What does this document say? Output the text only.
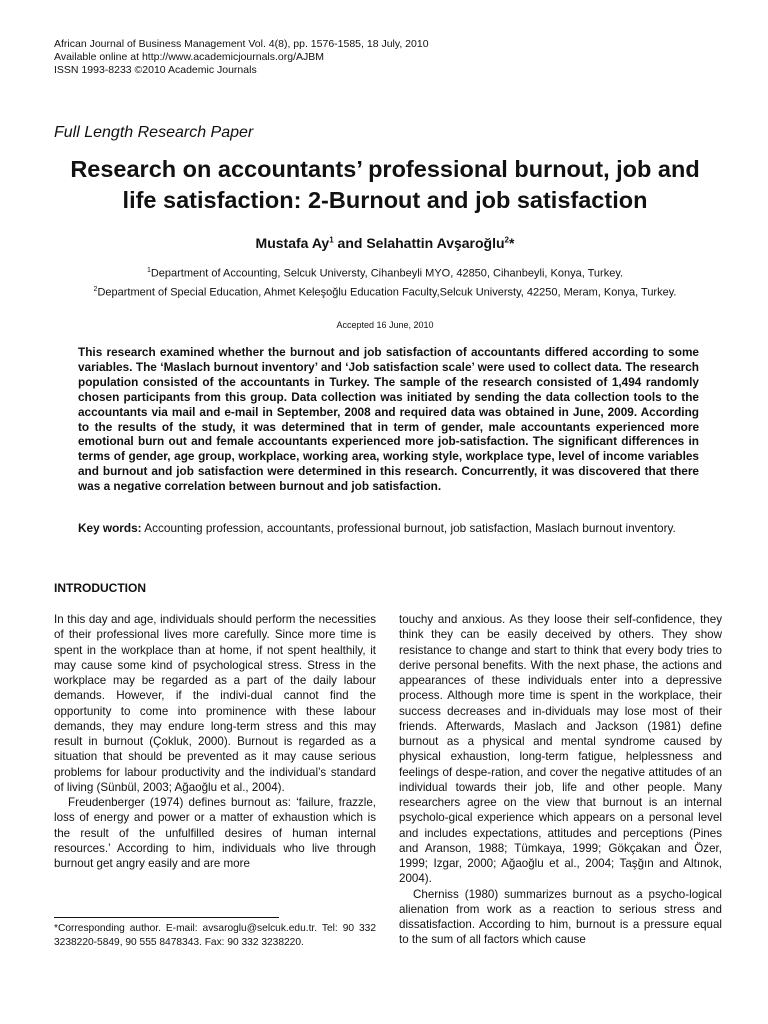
African Journal of Business Management Vol. 4(8), pp. 1576-1585, 18 July, 2010
Available online at http://www.academicjournals.org/AJBM
ISSN 1993-8233 ©2010 Academic Journals
Full Length Research Paper
Research on accountants’ professional burnout, job and life satisfaction: 2-Burnout and job satisfaction
Mustafa Ay$^1$ and Selahattin Avşaroğlu$^2$*
$^1$Department of Accounting, Selcuk Universty, Cihanbeyli MYO, 42850, Cihanbeyli, Konya, Turkey.
$^2$Department of Special Education, Ahmet Keleşoğlu Education Faculty,Selcuk Universty, 42250, Meram, Konya, Turkey.
Accepted 16 June, 2010
This research examined whether the burnout and job satisfaction of accountants differed according to some variables. The ‘Maslach burnout inventory’ and ‘Job satisfaction scale’ were used to collect data. The research population consisted of the accountants in Turkey. The sample of the research consisted of 1,494 randomly chosen participants from this group. Data collection was initiated by sending the data collection tools to the accountants via mail and e-mail in September, 2008 and required data was obtained in June, 2009. According to the results of the study, it was determined that in term of gender, male accountants experienced more emotional burn out and female accountants experienced more job-satisfaction. The significant differences in terms of gender, age group, workplace, working area, working style, workplace type, level of income variables and burnout and job satisfaction were determined in this research. Concurrently, it was discovered that there was a negative correlation between burnout and job satisfaction.
Key words: Accounting profession, accountants, professional burnout, job satisfaction, Maslach burnout inventory.
INTRODUCTION

In this day and age, individuals should perform the necessities of their professional lives more carefully. Since more time is spent in the workplace than at home, if not spent healthily, it may cause some kind of psychological stress. Stress in the workplace may be regarded as a part of the daily labour demands. However, if the indivi-dual cannot find the opportunity to come into prominence with these labour demands, they may endure long-term stress and this may result in burnout (Çokluk, 2000). Burnout is regarded as a situation that should be prevented as it may cause serious problems for labour productivity and the individual’s standard of living (Sünbül, 2003; Ağaoğlu et al., 2004).

Freudenberger (1974) defines burnout as: ‘failure, frazzle, loss of energy and power or a matter of exhaustion which is the result of the unfulfilled desires of human internal resources.’ According to him, individuals who live through burnout get angry easily and are more

touchy and anxious. As they loose their self-confidence, they think they can be easily deceived by others. They show resistance to change and start to think that every body tries to derive personal benefits. With the next phase, the actions and appearances of these individuals enter into a depressive process. Although more time is spent in the workplace, their success decreases and in-dividuals may lose most of their friends. Afterwards, Maslach and Jackson (1981) define burnout as a physical and mental syndrome caused by physical exhaustion, long-term fatigue, helplessness and feelings of despe-ration, and cover the negative attitudes of an individual towards their job, life and other people. Many researchers agree on the view that burnout is an internal psycholo-gical experience which appears on a personal level and includes expectations, attitudes and perceptions (Pines and Aranson, 1988; Tümkaya, 1999; Gökçakan and Özer, 1999; Izgar, 2000; Ağaoğlu et al., 2004; Taşğın and Altınok, 2004).

Cherniss (1980) summarizes burnout as a psycho-logical alienation from work as a reaction to serious stress and dissatisfaction. According to him, burnout is a pressure equal to the sum of all factors which cause

*Corresponding author. E-mail: avsaroglu@selcuk.edu.tr. Tel: 90 332 3238220-5849, 90 555 8478343. Fax: 90 332 3238220.
